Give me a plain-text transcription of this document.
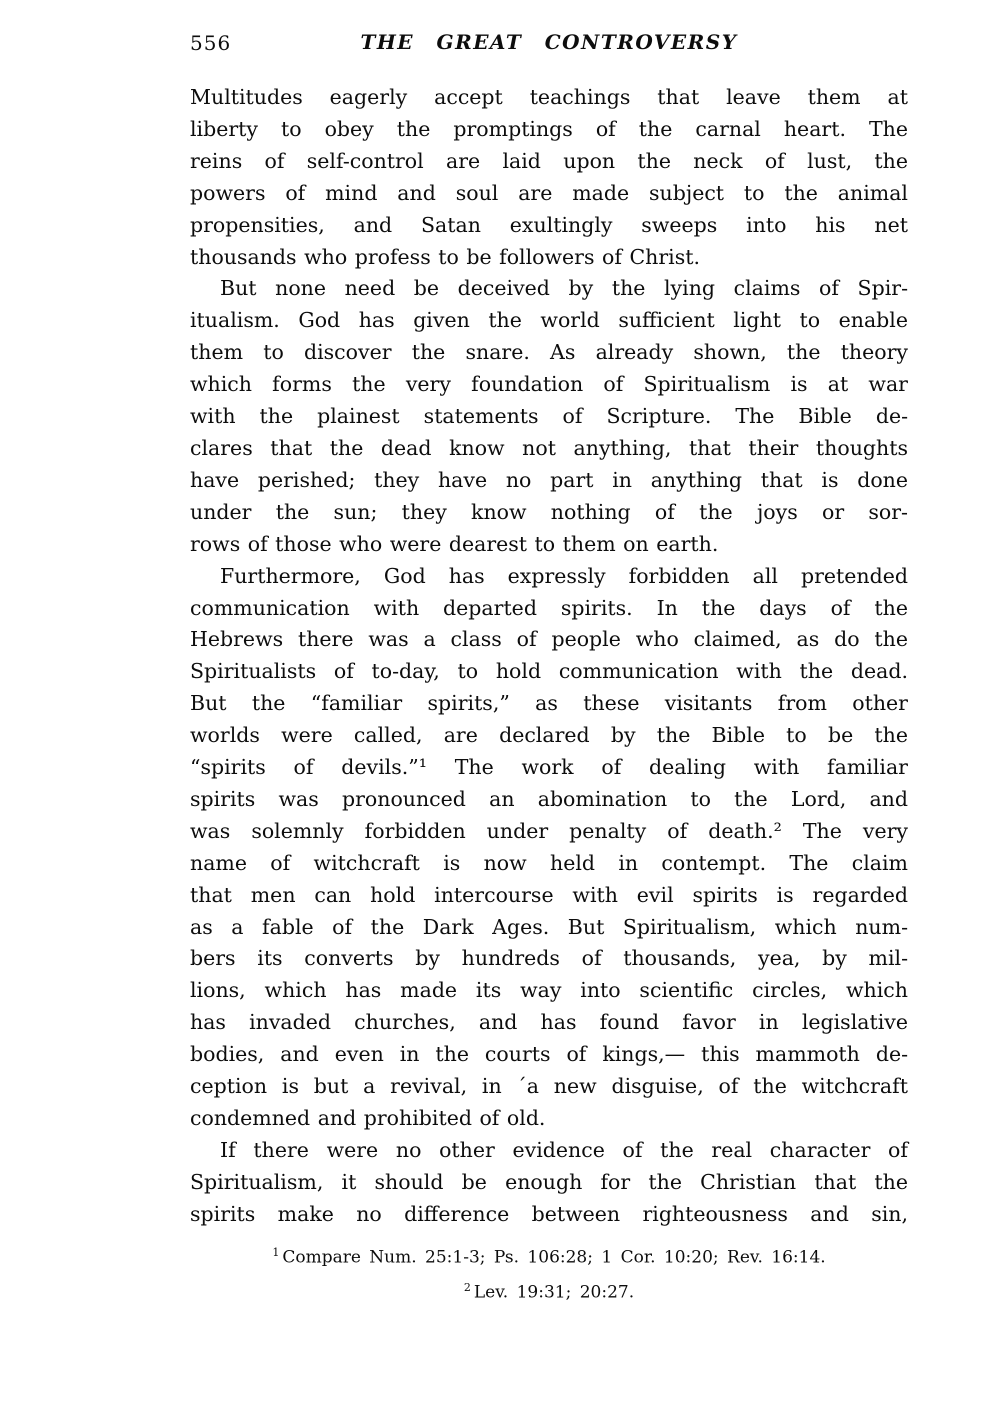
556	THE GREAT CONTROVERSY
Multitudes eagerly accept teachings that leave them at
liberty to obey the promptings of the carnal heart. The
reins of self-control are laid upon the neck of lust, the
powers of mind and soul are made subject to the animal
propensities, and Satan exultingly sweeps into his net
thousands who profess to be followers of Christ.
But none need be deceived by the lying claims of Spir-
itualism. God has given the world sufficient light to enable
them to discover the snare. As already shown, the theory
which forms the very foundation of Spiritualism is at war
with the plainest statements of Scripture. The Bible de-
clares that the dead know not anything, that their thoughts
have perished; they have no part in anything that is done
under the sun; they know nothing of the joys or sor-
rows of those who were dearest to them on earth.
Furthermore, God has expressly forbidden all pretended
communication with departed spirits. In the days of the
Hebrews there was a class of people who claimed, as do the
Spiritualists of to-day, to hold communication with the dead.
But the “familiar spirits,” as these visitants from other
worlds were called, are declared by the Bible to be the
“spirits of devils.”¹ The work of dealing with familiar
spirits was pronounced an abomination to the Lord, and
was solemnly forbidden under penalty of death.² The very
name of witchcraft is now held in contempt. The claim
that men can hold intercourse with evil spirits is regarded
as a fable of the Dark Ages. But Spiritualism, which num-
bers its converts by hundreds of thousands, yea, by mil-
lions, which has made its way into scientific circles, which
has invaded churches, and has found favor in legislative
bodies, and even in the courts of kings,— this mammoth de-
ception is but a revival, in ´a new disguise, of the witchcraft
condemned and prohibited of old.
If there were no other evidence of the real character of
Spiritualism, it should be enough for the Christian that the
spirits make no difference between righteousness and sin,
$^1$ Compare Num. 25:1-3; Ps. 106:28; 1 Cor. 10:20; Rev. 16:14.
$^2$ Lev. 19:31; 20:27.
